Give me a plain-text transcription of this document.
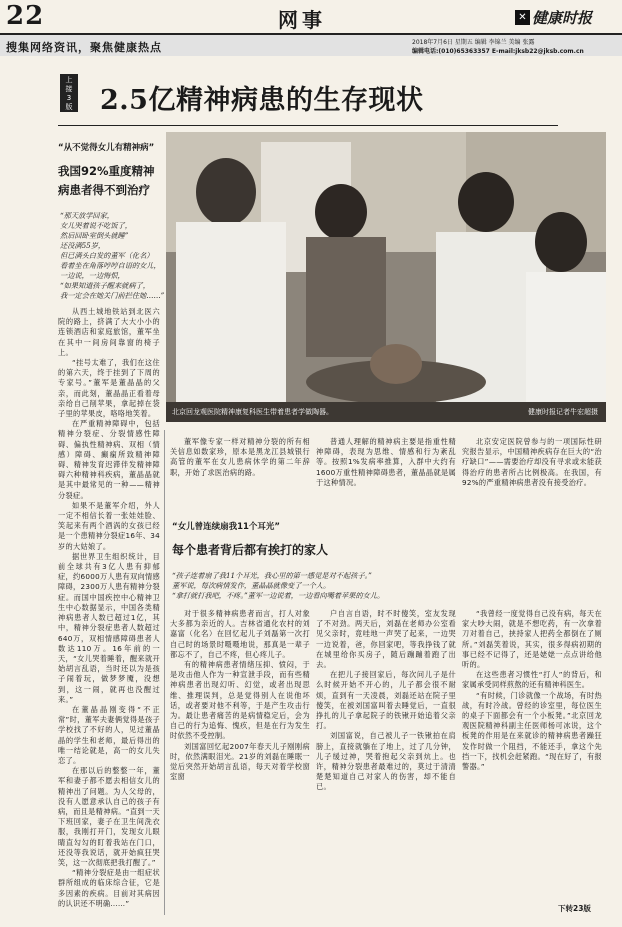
22	网事	✕ 健康时报
搜集网络资讯，聚焦健康热点	2018年7月6日 星期五 编辑 李锦兰 美编 张露
编辑电话:(010)65363357 E-mail:jksb22@jksb.com.cn
上接3版 2.5亿精神病患的生存现状
北京回龙观医院精神康复科医生带着患者学做陶器。	健康时报记者牛宏超摄
“从不觉得女儿有精神病”
我国92%重度精神病患者得不到治疗

“那天放学回家，

女儿哭着说不吃饭了，

然后回卧室倒头就睡”

还没满55岁，

但已满头白发的董军（化名）

看着坐在角落哼哼自语的女儿，

一边说，一边悔恨，

“如果知道孩子醒来就病了，

我一定会在她关门前拦住她……”

从西土城地铁站到北医六院的路上，挤满了大大小小的连锁酒店和家庭旅馆，董军坐在其中一间房间靠窗的椅子上。

“挂号太难了，我们在这住的第六天，终于挂到了下周的专家号。”董军是董晶晶的父亲，而此刻，董晶晶正看着母亲给自己削苹果，拿起掉在袋子里的苹果皮，咯咯地笑着。

在严重精神障碍中，包括精神分裂症、分裂情感性障碍、偏执性精神病、双相（情感）障碍、癫痫所致精神障碍、精神发育迟滞伴发精神障碍六种精神科疾病，董晶晶就是其中最常见的一种——精神分裂症。

如果不是董军介绍，外人一定不相信长着一张娃娃脸、笑起来有两个酒涡的女孩已经是一个患精神分裂症16年、34岁的大姑娘了。

据世界卫生组织统计，目前全球共有3亿人患有抑郁症，约6000万人患有双向情感障碍，2300万人患有精神分裂症。而国中国疾控中心精神卫生中心数据显示，中国各类精神病患者人数已超过1亿，其中，精神分裂症患者人数超过640万，双相情感障碍患者人数达110万。16年前的一天，“女儿哭着睡着，醒来就开始胡言乱语，当时还以为是孩子闹着玩，做梦梦魇，没想到，这一闹，就再也没醒过来。”

在董晶晶刚变得“不正常”时，董军夫妻俩觉得是孩子学校找了不好的人，见过董晶晶的学生和老师，最后得出的唯一结论就是，高一的女儿失恋了。

在那以后的整整一年，董军和妻子都不愿去相信女儿的精神出了问题。为人父母的，没有人愿意承认自己的孩子有病，而且是精神病。“直到一天下班回家，妻子在卫生间洗衣服，我刚打开门，发现女儿眼睛直勾勾的盯着我站在门口，还没等我说话，就开始疯狂哭笑，这一次彻底把我打醒了。”

“精神分裂症是由一组症状群所组成的临床综合征，它是多因素的疾病。目前对其病因的认识还不明确……”

董军像专家一样对精神分裂的所有相关信息如数家珍，原本是黑龙江县城银行高管的董军在女儿患病休学的第二年辞职，开始了求医治病的路。

普通人理解的精神病主要是指重性精神障碍，表现为思维、情感和行为紊乱等。按照1%发病率推算，入群中大约有1600万重性精神障碍患者，董晶晶就是属于这种情况。

北京安定医院曾参与的一项国际性研究报告显示，中国精神疾病存在巨大的“治疗缺口”——需要治疗却没有寻求或未能获得治疗的患者所占比例极高。在我国，有92%的严重精神病患者没有接受治疗。

“女儿曾连续扇我11个耳光”
每个患者背后都有挨打的家人

“孩子连着扇了我11个耳光，我心里的第一感觉是对不起孩子。”

董军说，每次病情发作，董晶晶就像变了一个人。

“拿打就打我吧，不疼。”董军一边说着，一边看向嘴着苹果的女儿。

对于很多精神病患者而言，打人对象大多都为亲近的人。吉林省通化农村的刘嘉富（化名）在回忆起儿子刘磊第一次打自己时的场景时嗫嗫地说，那真是一辈子都忘不了，自己不疼，但心疼儿子。

有的精神病患者情绪压抑、愤闷，于是攻击他人作为一种宣泄手段，而有些精神病患者出现幻听、幻觉，或者出现思维、推理误判，总是觉得别人在说他坏话，或者要对他不利等，于是产生攻击行为。最让患者痛苦的是病情稳定后，会为自己的行为追悔、愧疚，但是在行为发生时依然不受控制。

刘国富回忆起2007年春天儿子刚刚病时，依然满眼泪光。21岁的刘磊在睡眠一觉后突然开始胡言乱语，每天对着学校窗室窗

户自言自语，时不时傻笑，室友发现了不对劲。两天后，刘磊在老师办公室看见父亲时，竟哇地一声哭了起来，一边哭一边说着，爸，你回家吧，等我挣钱了就在城里给你买房子，随后蹦蹦着跑了出去。

在把儿子接回家后，每次问儿子是什么时候开始不开心的，儿子都会很不耐烦，直到有一天凌晨，刘磊还站在院子里傻笑，在被刘国富叫着去睡觉后，一直很挣扎的儿子拿起院子的铁锹开始追着父亲打。

刘国富说，自己被儿子一铁锹拍在肩膀上，直接就躺在了地上，过了几分钟，儿子缓过神，哭着抱起父亲到炕上。也许，精神分裂患者最难过的，莫过于清清楚楚知道自己对家人的伤害，却不能自已。

“我曾经一度觉得自己没有病，每天在家大吵大闹，就是不想吃药，有一次拿着刀对着自己，挟持家人把药全都倒在了厕所。”刘磊笑着说，其实，很多得病初期的事已经不记得了，还是姥姥一点点讲给他听的。

在这些患者习惯性“打人”的背后，和家属承受同样煎熬的还有精神科医生。

“有时候，门诊就像一个战场，有时热战，有时冷战。曾经的诊室里，每位医生的桌子下面都会有一个小板凳。”北京回龙观医院精神科副主任医师杨可冰说，这个板凳的作用是在来就诊的精神病患者躁狂发作时做一个阻挡，不能还手，拿这个先挡一下，找机会赶紧跑。“现在好了，有报警器。”

下转23版
